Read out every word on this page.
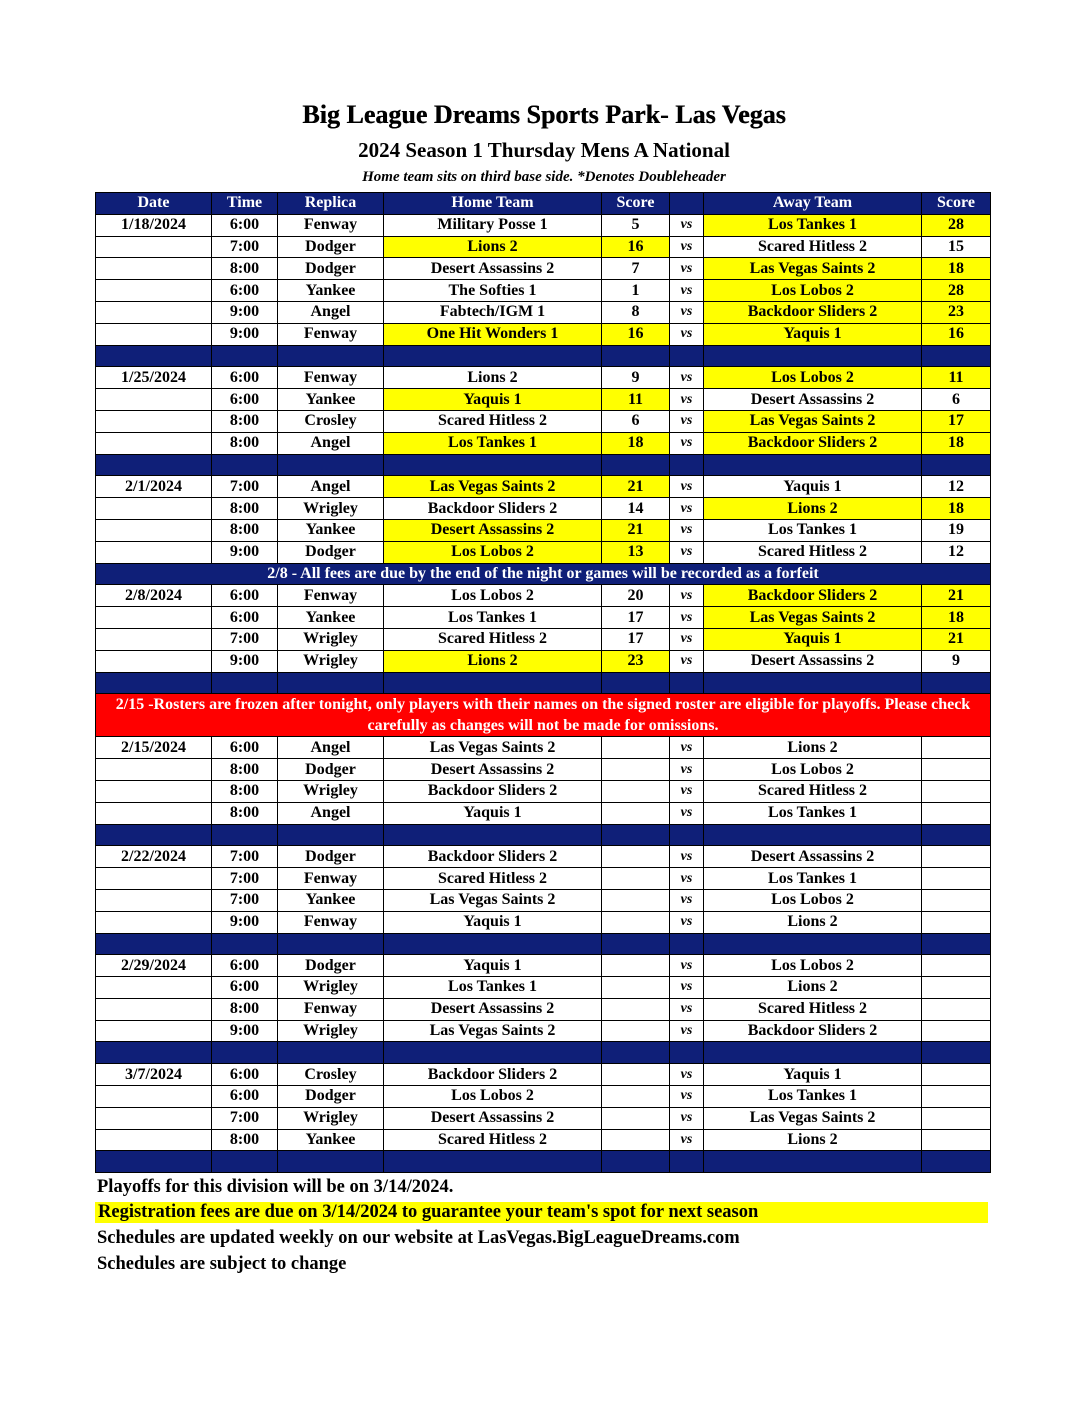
Big League Dreams Sports Park- Las Vegas
2024 Season 1 Thursday Mens A National
Home team sits on third base side. *Denotes Doubleheader
Date	Time	Replica	Home Team	Score		Away Team	Score
1/18/2024	6:00	Fenway	Military Posse 1	5	vs	Los Tankes 1	28
	7:00	Dodger	Lions 2	16	vs	Scared Hitless 2	15
	8:00	Dodger	Desert Assassins 2	7	vs	Las Vegas Saints 2	18
	6:00	Yankee	The Softies 1	1	vs	Los Lobos 2	28
	9:00	Angel	Fabtech/IGM 1	8	vs	Backdoor Sliders 2	23
	9:00	Fenway	One Hit Wonders 1	16	vs	Yaquis 1	16

1/25/2024	6:00	Fenway	Lions 2	9	vs	Los Lobos 2	11
	6:00	Yankee	Yaquis 1	11	vs	Desert Assassins 2	6
	8:00	Crosley	Scared Hitless 2	6	vs	Las Vegas Saints 2	17
	8:00	Angel	Los Tankes 1	18	vs	Backdoor Sliders 2	18

2/1/2024	7:00	Angel	Las Vegas Saints 2	21	vs	Yaquis 1	12
	8:00	Wrigley	Backdoor Sliders 2	14	vs	Lions 2	18
	8:00	Yankee	Desert Assassins 2	21	vs	Los Tankes 1	19
	9:00	Dodger	Los Lobos 2	13	vs	Scared Hitless 2	12
2/8 - All fees are due by the end of the night or games will be recorded as a forfeit							
2/8/2024	6:00	Fenway	Los Lobos 2	20	vs	Backdoor Sliders 2	21
	6:00	Yankee	Los Tankes 1	17	vs	Las Vegas Saints 2	18
	7:00	Wrigley	Scared Hitless 2	17	vs	Yaquis 1	21
	9:00	Wrigley	Lions 2	23	vs	Desert Assassins 2	9

2/15 -Rosters are frozen after tonight, only players with their names on the signed roster are eligible for playoffs. Please check carefully as changes will not be made for omissions.							
2/15/2024	6:00	Angel	Las Vegas Saints 2		vs	Lions 2	
	8:00	Dodger	Desert Assassins 2		vs	Los Lobos 2	
	8:00	Wrigley	Backdoor Sliders 2		vs	Scared Hitless 2	
	8:00	Angel	Yaquis 1		vs	Los Tankes 1	

2/22/2024	7:00	Dodger	Backdoor Sliders 2		vs	Desert Assassins 2	
	7:00	Fenway	Scared Hitless 2		vs	Los Tankes 1	
	7:00	Yankee	Las Vegas Saints 2		vs	Los Lobos 2	
	9:00	Fenway	Yaquis 1		vs	Lions 2	

2/29/2024	6:00	Dodger	Yaquis 1		vs	Los Lobos 2	
	6:00	Wrigley	Los Tankes 1		vs	Lions 2	
	8:00	Fenway	Desert Assassins 2		vs	Scared Hitless 2	
	9:00	Wrigley	Las Vegas Saints 2		vs	Backdoor Sliders 2	

3/7/2024	6:00	Crosley	Backdoor Sliders 2		vs	Yaquis 1	
	6:00	Dodger	Los Lobos 2		vs	Los Tankes 1	
	7:00	Wrigley	Desert Assassins 2		vs	Las Vegas Saints 2	
	8:00	Yankee	Scared Hitless 2		vs	Lions 2	

Playoffs for this division will be on 3/14/2024.
Registration fees are due on 3/14/2024 to guarantee your team's spot for next season
Schedules are updated weekly on our website at LasVegas.BigLeagueDreams.com
Schedules are subject to change
